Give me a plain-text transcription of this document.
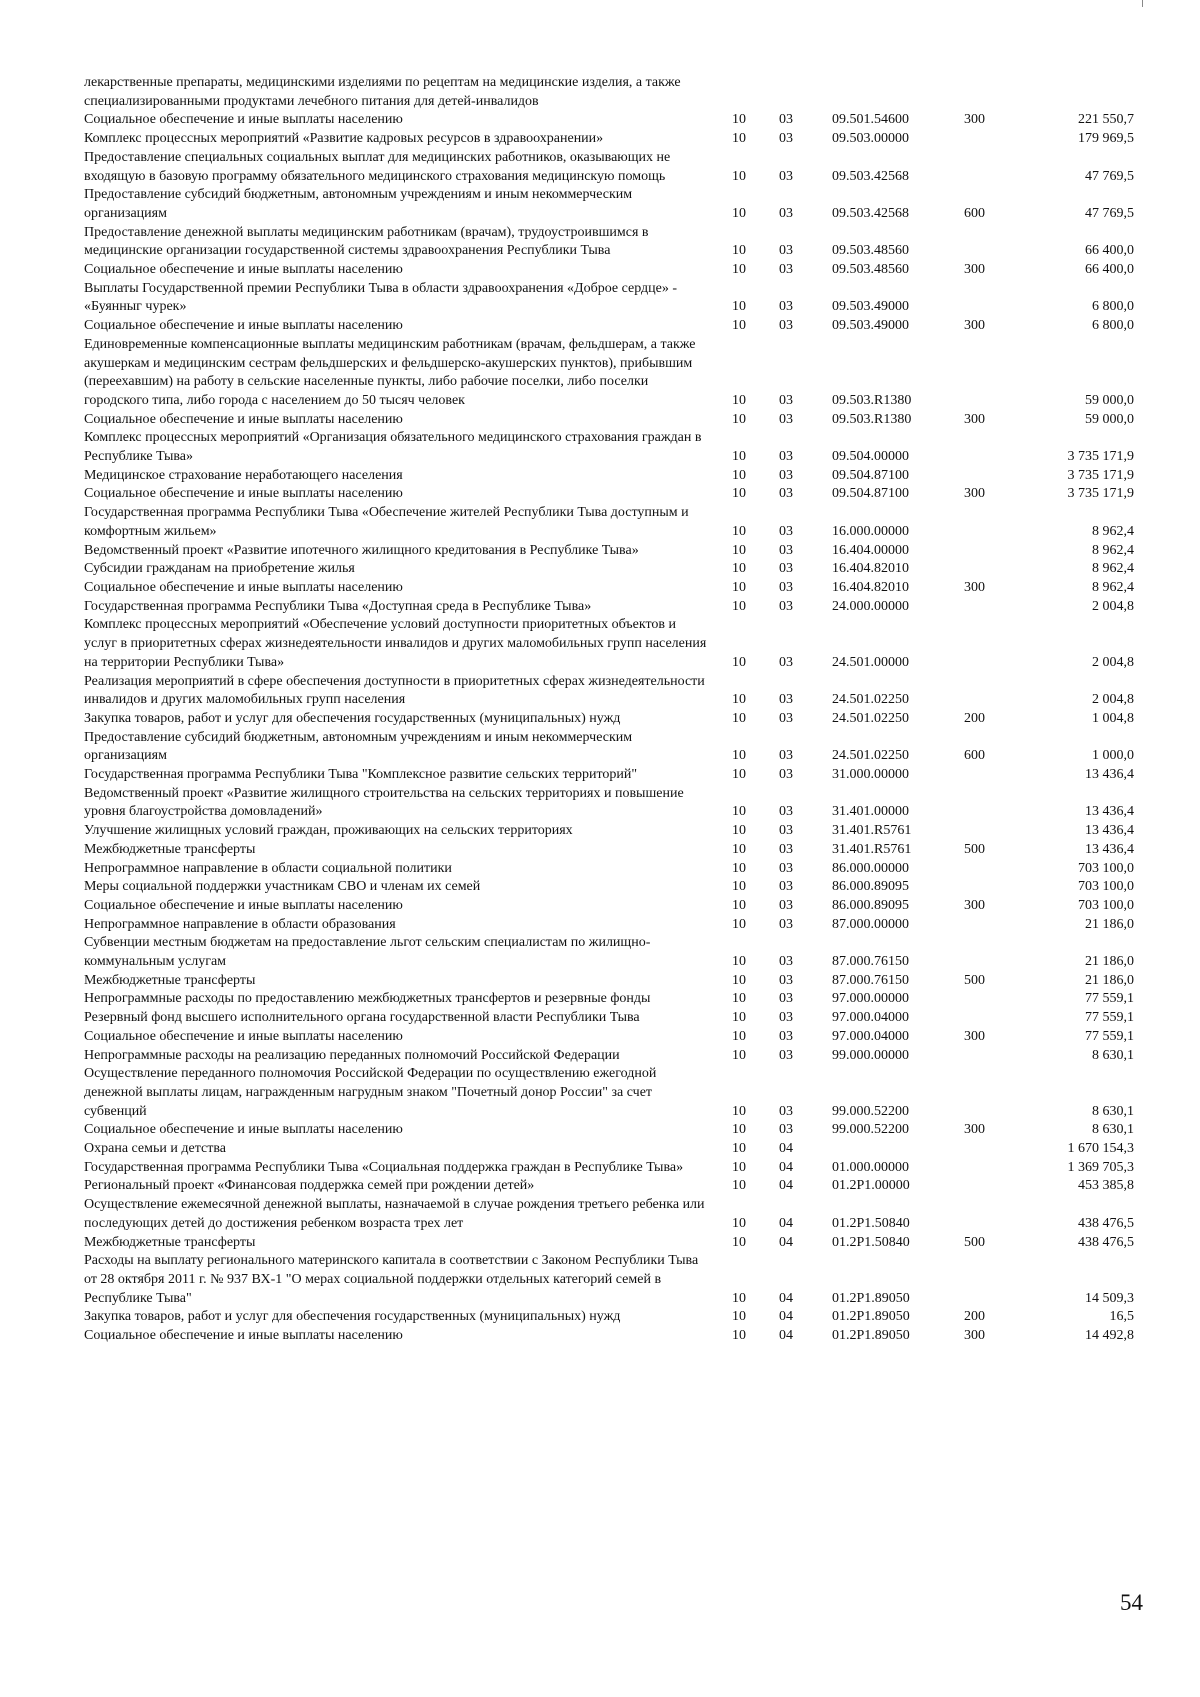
лекарственные препараты, медицинскими изделиями по рецептам на медицинские изделия, а также специализированными продуктами лечебного питания для детей-инвалидов
Социальное обеспечение и иные выплаты населению	10 03	09.501.54600	300	221 550,7
Комплекс процессных мероприятий «Развитие кадровых ресурсов в здравоохранении»	10 03	09.503.00000	179 969,5
Предоставление специальных социальных выплат для медицинских работников, оказывающих не входящую в базовую программу обязательного медицинского страхования медицинскую помощь	10 03	09.503.42568	47 769,5
Предоставление субсидий бюджетным, автономным учреждениям и иным некоммерческим организациям	10 03	09.503.42568	600	47 769,5
Предоставление денежной выплаты медицинским работникам (врачам), трудоустроившимся в медицинские организации государственной системы здравоохранения Республики Тыва	10 03	09.503.48560	66 400,0
Социальное обеспечение и иные выплаты населению	10 03	09.503.48560	300	66 400,0
Выплаты Государственной премии Республики Тыва в области здравоохранения «Доброе сердце» - «Буянныг чурек»	10 03	09.503.49000	6 800,0
Социальное обеспечение и иные выплаты населению	10 03	09.503.49000	300	6 800,0
Единовременные компенсационные выплаты медицинским работникам (врачам, фельдшерам, а также акушеркам и медицинским сестрам фельдшерских и фельдшерско-акушерских пунктов), прибывшим (переехавшим) на работу в сельские населенные пункты, либо рабочие поселки, либо поселки городского типа, либо города с населением до 50 тысяч человек	10 03	09.503.R1380	59 000,0
Социальное обеспечение и иные выплаты населению	10 03	09.503.R1380	300	59 000,0
Комплекс процессных мероприятий «Организация обязательного медицинского страхования граждан в Республике Тыва»	10 03	09.504.00000	3 735 171,9
Медицинское страхование неработающего населения	10 03	09.504.87100	3 735 171,9
Социальное обеспечение и иные выплаты населению	10 03	09.504.87100	300	3 735 171,9
Государственная программа Республики Тыва «Обеспечение жителей Республики Тыва доступным и комфортным жильем»	10 03	16.000.00000	8 962,4
Ведомственный проект «Развитие ипотечного жилищного кредитования в Республике Тыва»	10 03	16.404.00000	8 962,4
Субсидии гражданам на приобретение жилья	10 03	16.404.82010	8 962,4
Социальное обеспечение и иные выплаты населению	10 03	16.404.82010	300	8 962,4
Государственная программа Республики Тыва «Доступная среда в Республике Тыва»	10 03	24.000.00000	2 004,8
Комплекс процессных мероприятий «Обеспечение условий доступности приоритетных объектов и услуг в приоритетных сферах жизнедеятельности инвалидов и других маломобильных групп населения на территории Республики Тыва»	10 03	24.501.00000	2 004,8
Реализация мероприятий в сфере обеспечения доступности в приоритетных сферах жизнедеятельности инвалидов и других маломобильных групп населения	10 03	24.501.02250	2 004,8
Закупка товаров, работ и услуг для обеспечения государственных (муниципальных) нужд	10 03	24.501.02250	200	1 004,8
Предоставление субсидий бюджетным, автономным учреждениям и иным некоммерческим организациям	10 03	24.501.02250	600	1 000,0
Государственная программа Республики Тыва "Комплексное развитие сельских территорий"	10 03	31.000.00000	13 436,4
Ведомственный проект «Развитие жилищного строительства на сельских территориях и повышение уровня благоустройства домовладений»	10 03	31.401.00000	13 436,4
Улучшение жилищных условий граждан, проживающих на сельских территориях	10 03	31.401.R5761	13 436,4
Межбюджетные трансферты	10 03	31.401.R5761	500	13 436,4
Непрограммное направление в области социальной политики	10 03	86.000.00000	703 100,0
Меры социальной поддержки участникам СВО и членам их семей	10 03	86.000.89095	703 100,0
Социальное обеспечение и иные выплаты населению	10 03	86.000.89095	300	703 100,0
Непрограммное направление в области образования	10 03	87.000.00000	21 186,0
Субвенции местным бюджетам на предоставление льгот сельским специалистам по жилищно-коммунальным услугам	10 03	87.000.76150	21 186,0
Межбюджетные трансферты	10 03	87.000.76150	500	21 186,0
Непрограммные расходы по предоставлению межбюджетных трансфертов и резервные фонды	10 03	97.000.00000	77 559,1
Резервный фонд высшего исполнительного органа государственной власти Республики Тыва	10 03	97.000.04000	77 559,1
Социальное обеспечение и иные выплаты населению	10 03	97.000.04000	300	77 559,1
Непрограммные расходы на реализацию переданных полномочий Российской Федерации	10 03	99.000.00000	8 630,1
Осуществление переданного полномочия Российской Федерации по осуществлению ежегодной денежной выплаты лицам, награжденным нагрудным знаком "Почетный донор России" за счет субвенций	10 03	99.000.52200	8 630,1
Социальное обеспечение и иные выплаты населению	10 03	99.000.52200	300	8 630,1
Охрана семьи и детства	10 04	1 670 154,3
Государственная программа Республики Тыва «Социальная поддержка граждан в Республике Тыва»	10 04	01.000.00000	1 369 705,3
Региональный проект «Финансовая поддержка семей при рождении детей»	10 04	01.2P1.00000	453 385,8
Осуществление ежемесячной денежной выплаты, назначаемой в случае рождения третьего ребенка или последующих детей до достижения ребенком возраста трех лет	10 04	01.2P1.50840	438 476,5
Межбюджетные трансферты	10 04	01.2P1.50840	500	438 476,5
Расходы на выплату регионального материнского капитала в соответствии с Законом Республики Тыва от 28 октября 2011 г. № 937 ВХ-1 "О мерах социальной поддержки отдельных категорий семей в Республике Тыва"	10 04	01.2P1.89050	14 509,3
Закупка товаров, работ и услуг для обеспечения государственных (муниципальных) нужд	10 04	01.2P1.89050	200	16,5
Социальное обеспечение и иные выплаты населению	10 04	01.2P1.89050	300	14 492,8
54
